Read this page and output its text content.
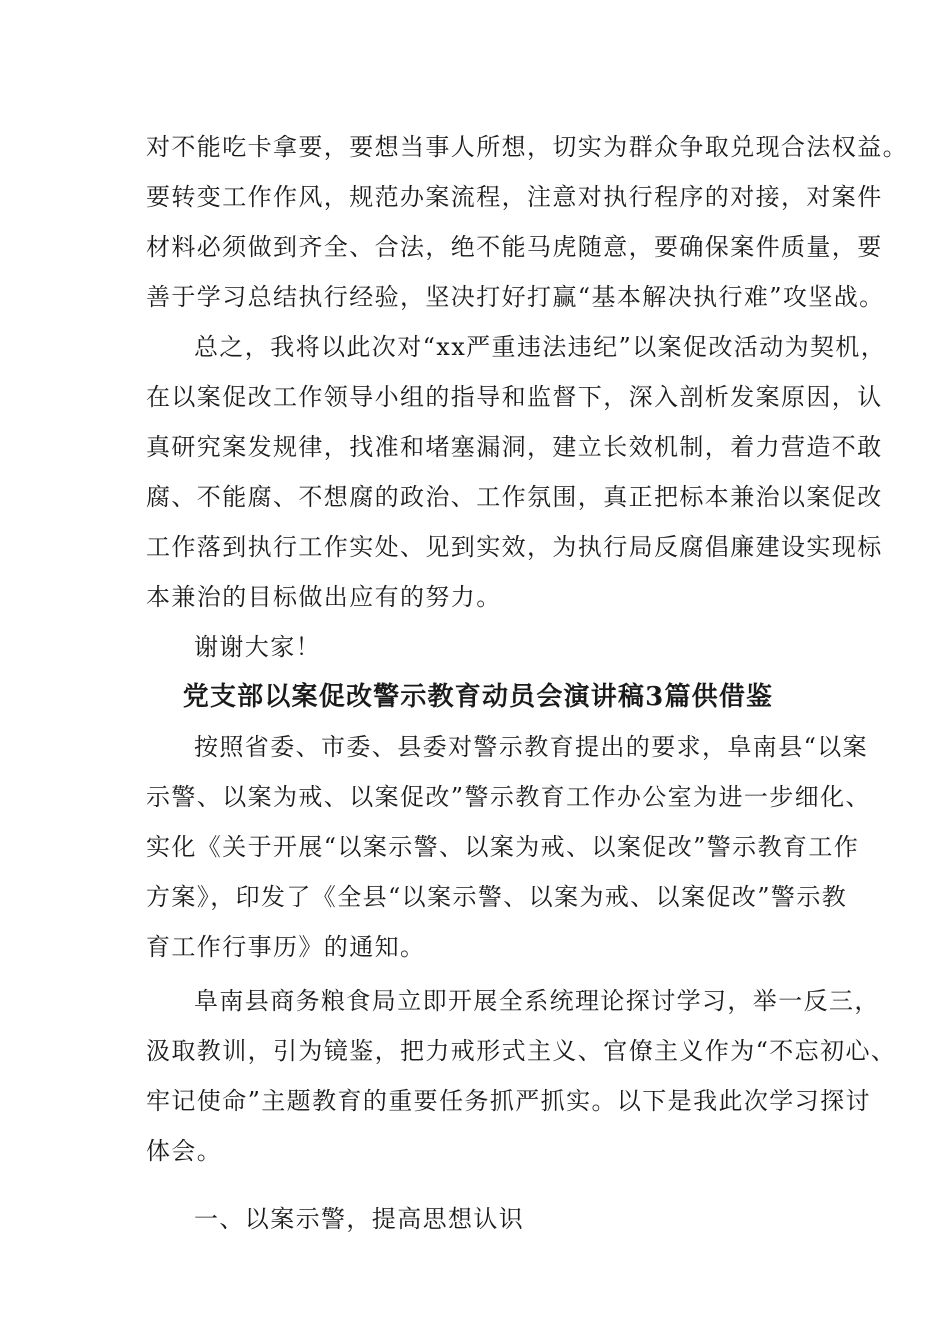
对不能吃卡拿要，要想当事人所想，切实为群众争取兑现合法权益。
要转变工作作风，规范办案流程，注意对执行程序的对接，对案件
材料必须做到齐全、合法，绝不能马虎随意，要确保案件质量，要
善于学习总结执行经验，坚决打好打赢“基本解决执行难”攻坚战。
总之，我将以此次对“xx严重违法违纪”以案促改活动为契机，
在以案促改工作领导小组的指导和监督下，深入剖析发案原因，认
真研究案发规律，找准和堵塞漏洞，建立长效机制，着力营造不敢
腐、不能腐、不想腐的政治、工作氛围，真正把标本兼治以案促改
工作落到执行工作实处、见到实效，为执行局反腐倡廉建设实现标
本兼治的目标做出应有的努力。
谢谢大家！
党支部以案促改警示教育动员会演讲稿3篇供借鉴
按照省委、市委、县委对警示教育提出的要求，阜南县“以案
示警、以案为戒、以案促改”警示教育工作办公室为进一步细化、
实化《关于开展“以案示警、以案为戒、以案促改”警示教育工作
方案》，印发了《全县“以案示警、以案为戒、以案促改”警示教
育工作行事历》的通知。
阜南县商务粮食局立即开展全系统理论探讨学习，举一反三，
汲取教训，引为镜鉴，把力戒形式主义、官僚主义作为“不忘初心、
牢记使命”主题教育的重要任务抓严抓实。以下是我此次学习探讨
体会。
一、以案示警，提高思想认识
